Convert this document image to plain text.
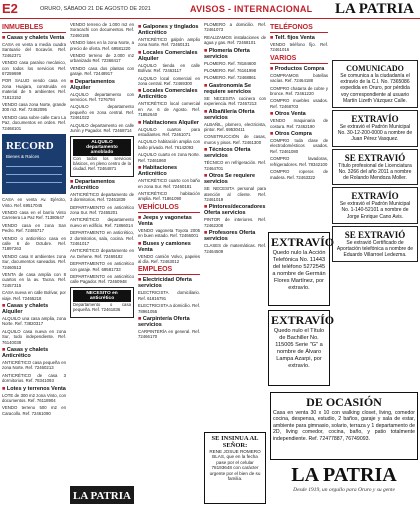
E2	ORURO, SÁBADO 21 DE AGOSTO DE 2021	AVISOS - INTERNACIONAL LA PATRIA
INMUEBLES
■ Casas y chalets Venta
CASA en venta a media cuadra Santuario del Socavón. Ref. 72462371
VENDO casa paraíso mecánico, con todos los servicios Ref. 67259699
POR SALUD vendo casa en zona Huajara, construida en material de 5 ambientes Ref. 71813152
VENDO casa zona Norte, grande 300 m2. Ref. 72462095
VENDO casa sobre calle Caro La Paz, documentos en orden. Ref. 72468101
RECORD
Bienes & Raíces
CASA en venta Av. Ejército, Vinto. Ref. 69517045
VENDO casa en el barrio Vinto Carretera La Paz Ref. 71380647
VENDO casa en zona San Pedro. Ref. 72465717
VENDO o anticrético casa en calle 6 de Octubre. Ref. 71897263
VENDO casa 8 ambientes zona Sur, documentos saneados. Ref. 72460513
VENTA de casa amplia con 8 cuartos en la av. Tacna. Ref. 72457315
CASA nueva en calle Bolívar, por viaje. Ref. 72465218
■ Casas y chalets Alquiler
ALQUILO una casa amplia, zona Norte. Ref. 73820317
ALQUILO casa nueva en zona Sur, todo independiente. Ref. 76140038
■ Casas y chalets Anticrético
ANTICRÉTICO casa pequeña en zona Norte. Ref. 72460213
ANTICRÉTICO de casa 3 dormitorios. Ref. 78341093
■ Lotes y terrenos Venta
LOTE de 300 m2 zona Vinto, con documentos. Ref. 76118904
VENDO terreno 500 m2 en Caracollo. Ref. 72461090
VENDO terreno de 1.000 m2 en Soracachi con documentos. Ref. 72460185
VENDO lotes en la zona Norte, a precio de oferta. Ref. 69581220
VENDO terreno de 2.000 m2 urbanizado Ref. 72368417
VENDO casa dos plantas con garaje. Ref. 72448917
■ Departamentos Alquiler
ALQUILO departamento con servicios. Ref. 7276794
ALQUILO departamento pequeño en zona central. Ref. 72461022
ALQUILO departamento en calle Junín y Pagador. Ref. 72468714
ALQUILO departamento amoblado
Con todos los servicios básicos, en pleno centro de la ciudad. Ref. 72464871
■ Departamentos Anticrético
ANTICRÉTICO departamento de 3 dormitorios. Ref. 72461839
DEPARTAMENTO en anticrético zona Sur. Ref. 72465201
ANTICRÉTICO departamento nuevo en edificio. Ref. 71866014
DEPARTAMENTO en anticrético, 2 dormitorios, sala, cocina. Ref. 72461017
ANTICRÉTICO departamento en Av. Dehene. Ref. 72469182
DEPARTAMENTO en anticrético con garaje. Ref. 69581733
DEPARTAMENTO en anticrético calle Pagador. Ref. 72460948
NECESITO en anticrético
Departamento o casa pequeña. Ref. 72461836
LA PATRIA
■ Galpones y tinglados Anticrético
ANTICRÉTICO galpón amplio zona Norte. Ref. 72460131
■ Locales Comerciales Alquiler
ALQUILO tienda en calle Bolívar. Ref. 72463117
ALQUILO local comercial en zona central. Ref. 72469300
■ Locales Comerciales Anticrético
ANTICRÉTICO local comercial en Av. 6 de Agosto. Ref. 71852640
■ Habitaciones Alquiler
ALQUILO cuartos para estudiantes. Ref. 72461071
ALQUILO habitación amplia con baño privado. Ref. 76142093
ALQUILO cuarto en zona Norte. Ref. 72461860
■ Habitaciones Anticrético
ANTICRÉTICO cuarto con baño en zona Sur. Ref. 72460181
ANTICRÉTICO habitación amplia. Ref. 71861090
VEHÍCULOS
■ Jeeps y vagonetas Venta
VENDO vagoneta Toyota 2005 en buen estado. Ref. 72466001
■ Buses y camiones Venta
VENDO camión Volvo, papeles al día. Ref. 72463012
EMPLEOS
■ Electricidad Oferta servicios
ELECTRICISTA domiciliario. Ref. 61816791
ELECTRICISTA a domicilio. Ref. 78961055
■ Carpintería Oferta servicios
CARPINTERÍA en general. Ref. 72466170
PLOMERO a domicilio. Ref. 72461073
REALIZAMOS instalaciones de agua y gas. Ref. 72468101
■ Plomería Oferta servicios
PLOMERO. Ref. 78184600
PLOMERO. Ref. 76161998
PLOMERO. Ref. 72468861
■ Gastronomía Se requiere servicios
SE NECESITA cocinera con experiencia. Ref. 72467213
■ Albañilería Oferta servicios
ALBAÑIL, plomero, electricista, pintor. Ref. 69530411
CONSTRUCCIÓN de casas, muros y pisos. Ref. 72461300
■ Técnicos Oferta servicios
TÉCNICO en refrigeración. Ref. 72464701
■ Otros Se requiere servicios
SE NECESITA personal para atención al cliente. Ref. 72461019
■ Pintores/decoradores Oferta servicios
PINTOR de interiores. Ref. 72462208
■ Profesores Oferta servicios
CLASES de matemáticas. Ref. 72464509
SE INSINUA AL SEÑOR:
RENE JOSUE ROMERO BLAS, que en la fecha pase por el celular 78193648 con carácter urgente por el bien de su familia.
TELÉFONOS
■ Telf. fijos Venta
VENDO teléfono fijo. Ref. 72461016
VARIOS
■ Productos Compra
COMPRAMOS botellas vacías. Ref. 72464188
COMPRO chatarra de cobre y bronce. Ref. 72461220
COMPRO muebles usados. Ref. 72468703
■ Otros Venta
VENDO maquinaria de costura. Ref. 72462190
■ Otros Compra
COMPRO toda clase de electrodomésticos usados. Ref. 72461080
COMPRO lavadoras, refrigeradores. Ref. 78342100
COMPRO roperos de madera. Ref. 72463322
EXTRAVÍO
Quedo nulo la Acción Telefónica No. 11443 del teléfono 5272545 a nombre de Germán Flores Martínez, por extravío.
EXTRAVÍO
Quedo nulo el Título de Bachiller No. 115005 Serie "G" a nombre de Álvaro Lampa Azarpi, por extravío.
COMUNICADO
Se comunica a la ciudadanía el extravío de la C.I. No. 7365086 expedida en Oruro, por pérdida voy correspondiente al usuario Martín Lizeth Vázquez Calle.
EXTRAVÍO
Se extravió el Padrón Municipal No. 30-12-200-0000 a nombre de Juan Pérez Vasquez.
SE EXTRAVIÓ
Título profesional de Licenciatura No. 3266 del año 2011 a nombre de Rolando Mendoza Moller.
EXTRAVÍO
Se extravió el Padrón Municipal No. 1-140-52101 a nombre de Jorge Enrique Cano Avis.
SE EXTRAVIÓ
Se extravió Certificado de Aportación telefónica a nombre de Eduardo Villarroel Ledezma.
DE OCASIÓN
Casa en venta 30 x 10 con walking closet, living, comedor cocina, despensa, estudio, 2 baños, garaje y sala de estar, ambiente para gimnasio, solario, terraza y 1 departamento de 2D, living comedor, cocina, baño, y patio totalmente independiente. Ref. 72477887, 76749093.
LA PATRIA
Desde 1919, un orgullo para Oruro y su gente
